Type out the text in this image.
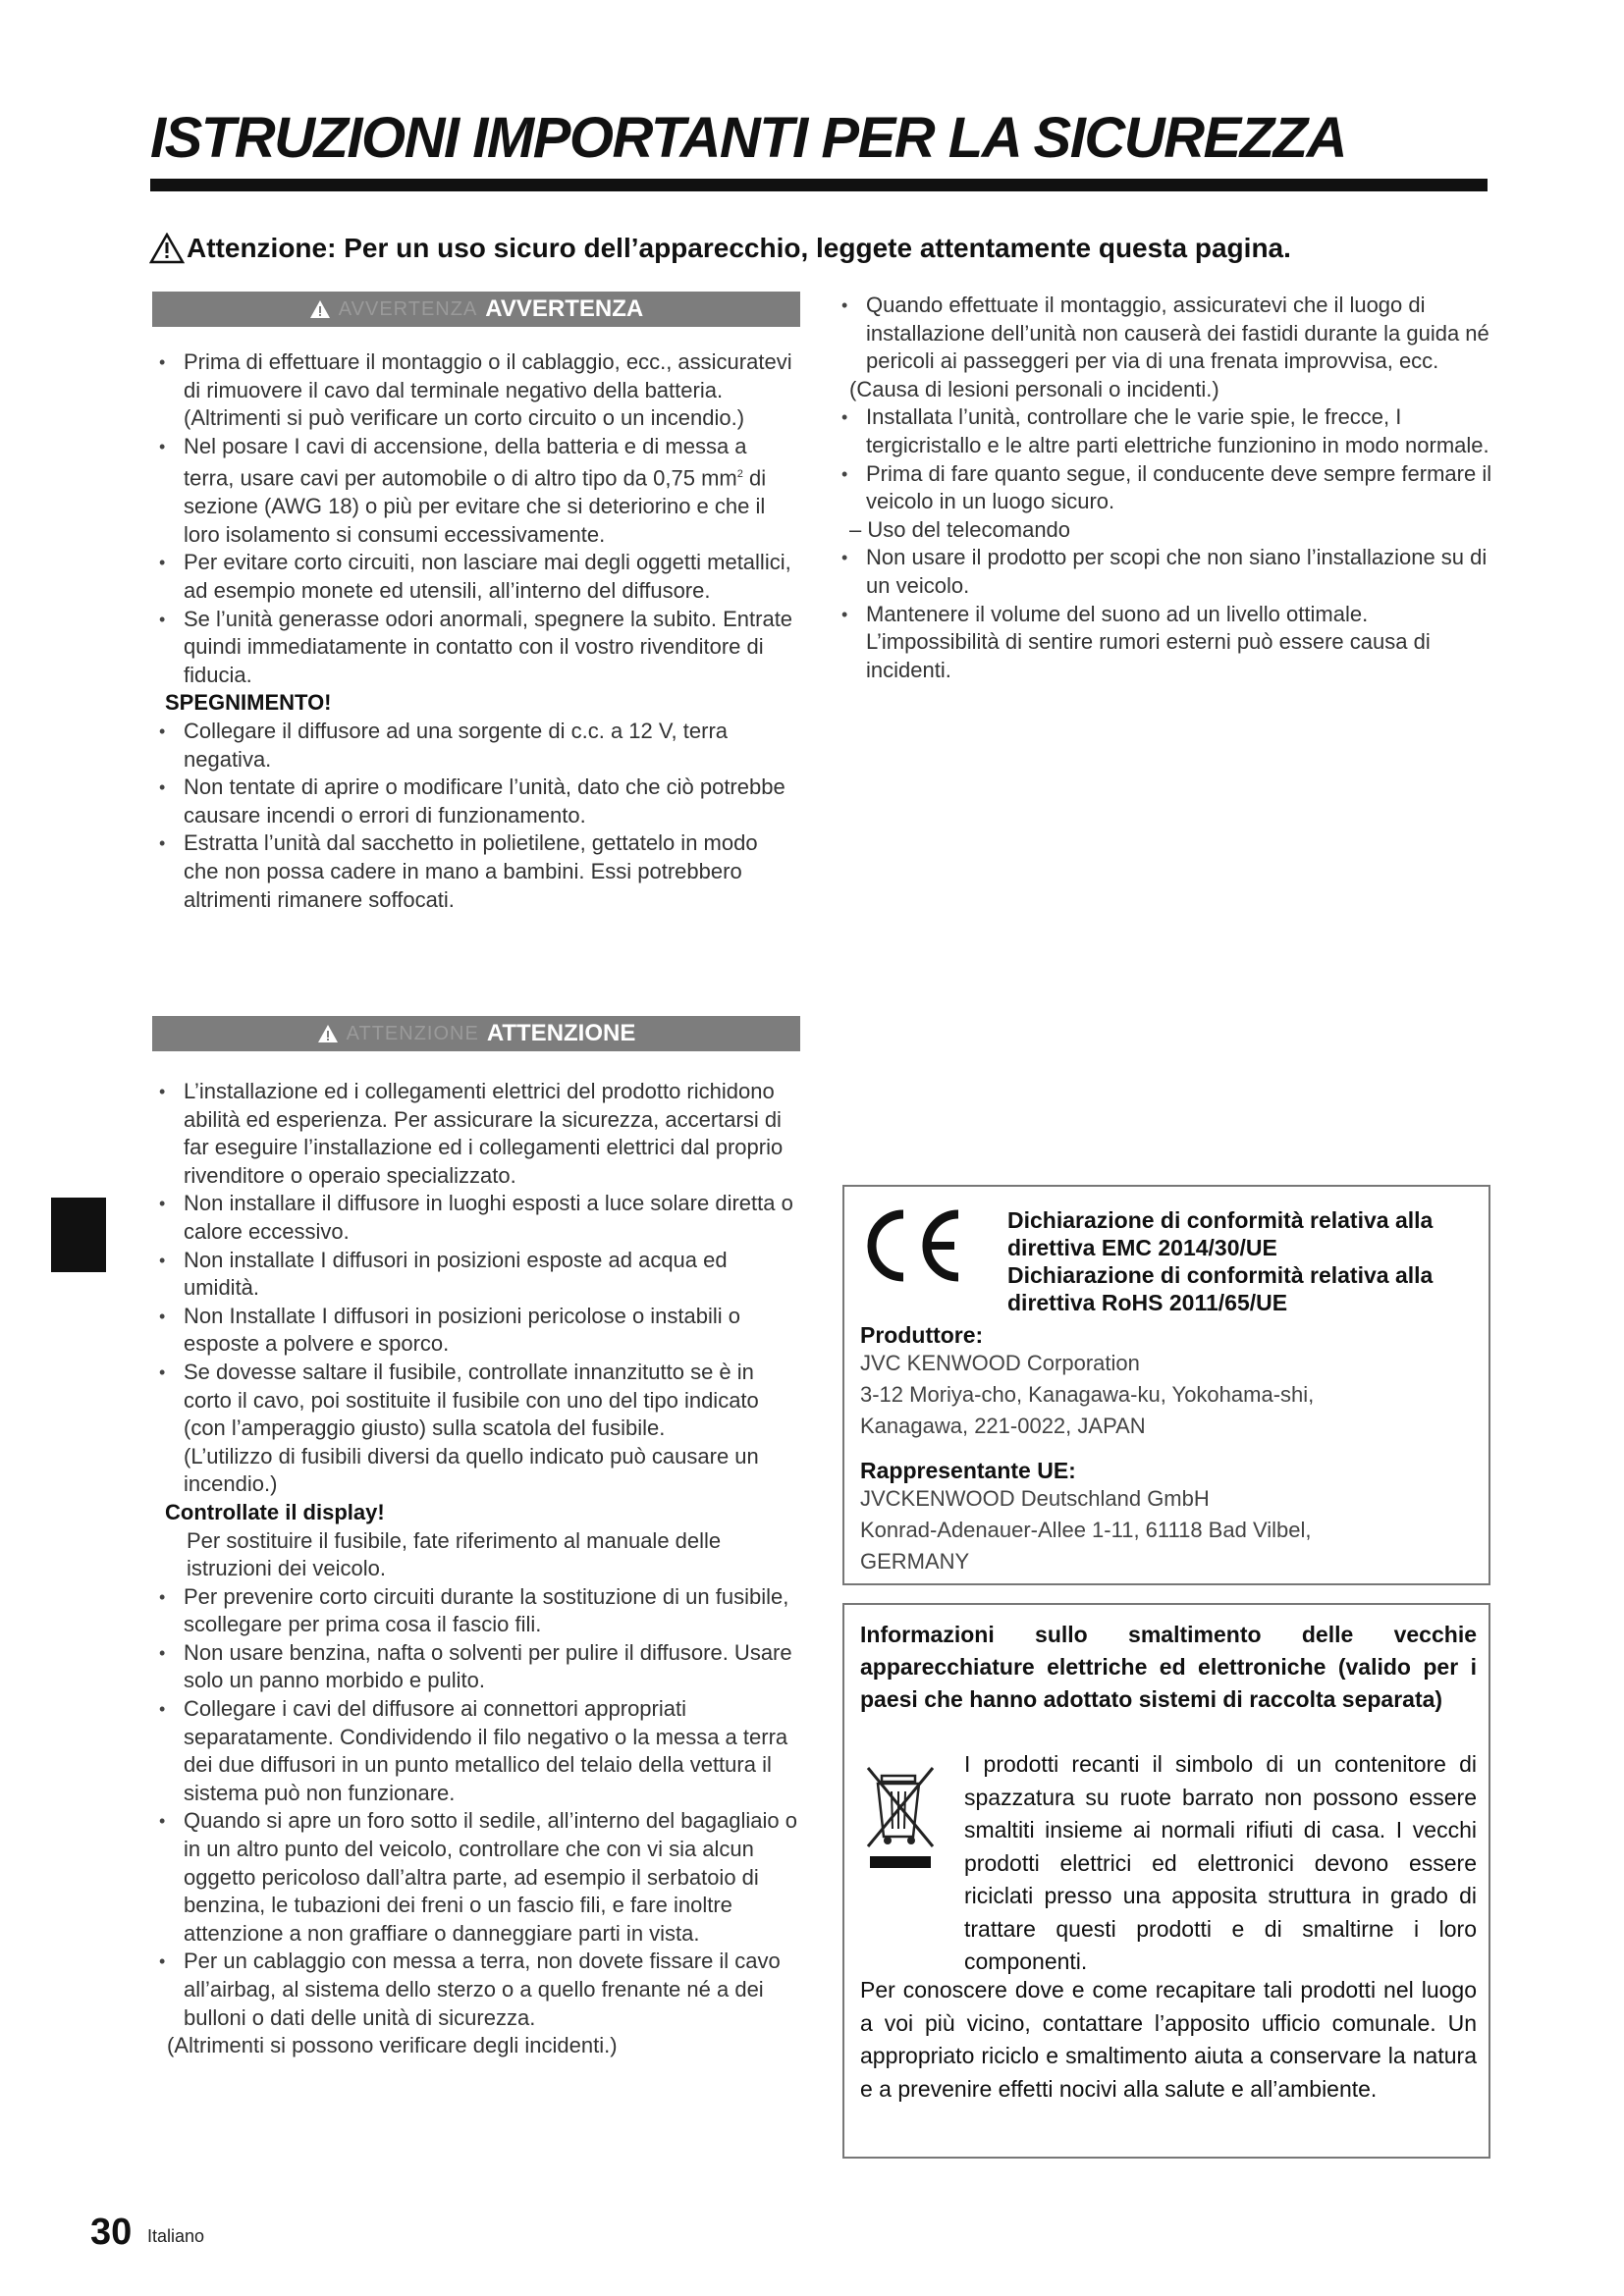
ISTRUZIONI IMPORTANTI PER LA SICUREZZA
Attenzione: Per un uso sicuro dell’apparecchio, leggete attentamente questa pagina.
AVVERTENZA AVVERTENZA
• Prima di effettuare il montaggio o il cablaggio, ecc., assicuratevi di rimuovere il cavo dal terminale negativo della batteria. (Altrimenti si può verificare un corto circuito o un incendio.)
• Nel posare I cavi di accensione, della batteria e di messa a terra, usare cavi per automobile o di altro tipo da 0,75 $mm^2$ di sezione (AWG 18) o più per evitare che si deteriorino e che il loro isolamento si consumi eccessivamente.
• Per evitare corto circuiti, non lasciare mai degli oggetti metallici, ad esempio monete ed utensili, all’interno del diffusore.
• Se l’unità generasse odori anormali, spegnere la subito. Entrate quindi immediatamente in contatto con il vostro rivenditore di fiducia.
SPEGNIMENTO!
• Collegare il diffusore ad una sorgente di c.c. a 12 V, terra negativa.
• Non tentate di aprire o modificare l’unità, dato che ciò potrebbe causare incendi o errori di funzionamento.
• Estratta l’unità dal sacchetto in polietilene, gettatelo in modo che non possa cadere in mano a bambini. Essi potrebbero altrimenti rimanere soffocati.
ATTENZIONE ATTENZIONE
• L’installazione ed i collegamenti elettrici del prodotto richidono abilità ed esperienza. Per assicurare la sicurezza, accertarsi di far eseguire l’installazione ed i collegamenti elettrici dal proprio rivenditore o operaio specializzato.
• Non installare il diffusore in luoghi esposti a luce solare diretta o calore eccessivo.
• Non installate I diffusori in posizioni esposte ad acqua ed umidità.
• Non Installate I diffusori in posizioni pericolose o instabili o esposte a polvere e sporco.
• Se dovesse saltare il fusibile, controllate innanzitutto se è in corto il cavo, poi sostituite il fusibile con uno del tipo indicato (con l’amperaggio giusto) sulla scatola del fusibile.
(L’utilizzo di fusibili diversi da quello indicato può causare un incendio.)
Controllate il display!
Per sostituire il fusibile, fate riferimento al manuale delle istruzioni dei veicolo.
• Per prevenire corto circuiti durante la sostituzione di un fusibile, scollegare per prima cosa il fascio fili.
• Non usare benzina, nafta o solventi per pulire il diffusore. Usare solo un panno morbido e pulito.
• Collegare i cavi del diffusore ai connettori appropriati separatamente. Condividendo il filo negativo o la messa a terra dei due diffusori in un punto metallico del telaio della vettura il sistema può non funzionare.
• Quando si apre un foro sotto il sedile, all’interno del bagagliaio o in un altro punto del veicolo, controllare che con vi sia alcun oggetto pericoloso dall’altra parte, ad esempio il serbatoio di benzina, le tubazioni dei freni o un fascio fili, e fare inoltre attenzione a non graffiare o danneggiare parti in vista.
• Per un cablaggio con messa a terra, non dovete fissare il cavo all’airbag, al sistema dello sterzo o a quello frenante né a dei bulloni o dati delle unità di sicurezza.
(Altrimenti si possono verificare degli incidenti.)
• Quando effettuate il montaggio, assicuratevi che il luogo di installazione dell’unità non causerà dei fastidi durante la guida né pericoli ai passeggeri per via di una frenata improvvisa, ecc.
(Causa di lesioni personali o incidenti.)
• Installata l’unità, controllare che le varie spie, le frecce, I tergicristallo e le altre parti elettriche funzionino in modo normale.
• Prima di fare quanto segue, il conducente deve sempre fermare il veicolo in un luogo sicuro.
– Uso del telecomando
• Non usare il prodotto per scopi che non siano l’installazione su di un veicolo.
• Mantenere il volume del suono ad un livello ottimale. L’impossibilità di sentire rumori esterni può essere causa di incidenti.
Dichiarazione di conformità relativa alla direttiva EMC 2014/30/UE
Dichiarazione di conformità relativa alla direttiva RoHS 2011/65/UE
Produttore:
JVC KENWOOD Corporation
3-12 Moriya-cho, Kanagawa-ku, Yokohama-shi,
Kanagawa, 221-0022, JAPAN
Rappresentante UE:
JVCKENWOOD Deutschland GmbH
Konrad-Adenauer-Allee 1-11, 61118 Bad Vilbel,
GERMANY
Informazioni sullo smaltimento delle vecchie apparecchiature elettriche ed elettroniche (valido per i paesi che hanno adottato sistemi di raccolta separata)
I prodotti recanti il simbolo di un contenitore di spazzatura su ruote barrato non possono essere smaltiti insieme ai normali rifiuti di casa. I vecchi prodotti elettrici ed elettronici devono essere riciclati presso una apposita struttura in grado di trattare questi prodotti e di smaltirne i loro componenti.
Per conoscere dove e come recapitare tali prodotti nel luogo a voi più vicino, contattare l’apposito ufficio comunale. Un appropriato riciclo e smaltimento aiuta a conservare la natura e a prevenire effetti nocivi alla salute e all’ambiente.
30 Italiano
